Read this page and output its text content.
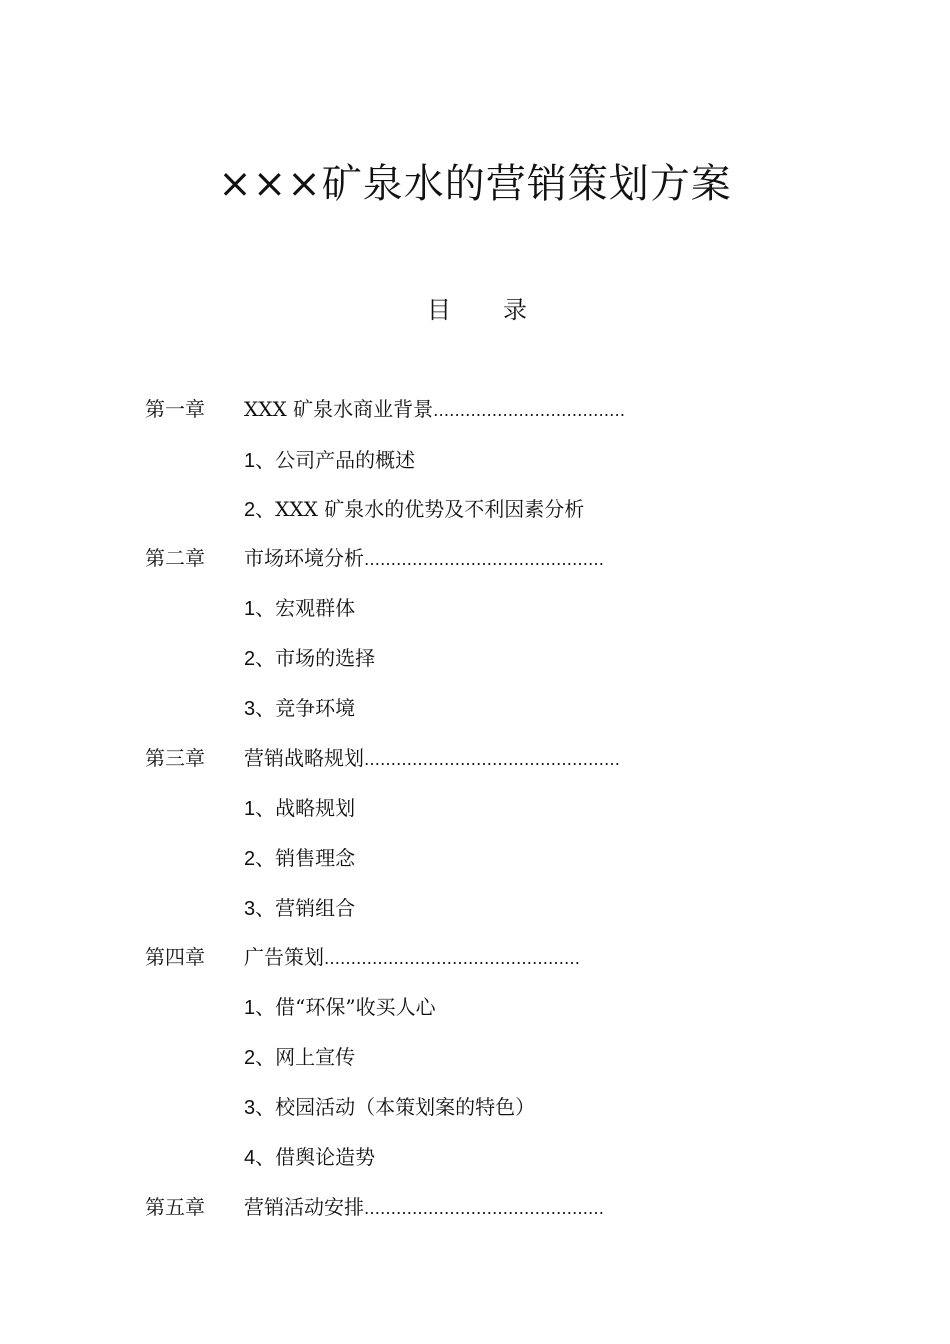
×××矿泉水的营销策划方案
目 录
第一章 XXX 矿泉水商业背景………………………………
1、公司产品的概述
2、XXX 矿泉水的优势及不利因素分析
第二章 市场环境分析………………………………………
1、宏观群体
2、市场的选择
3、竞争环境
第三章 营销战略规划…………………………………………
1、战略规划
2、销售理念
3、营销组合
第四章 广告策划…………………………………………
1、借“环保”收买人心
2、网上宣传
3、校园活动（本策划案的特色）
4、借舆论造势
第五章 营销活动安排………………………………………
